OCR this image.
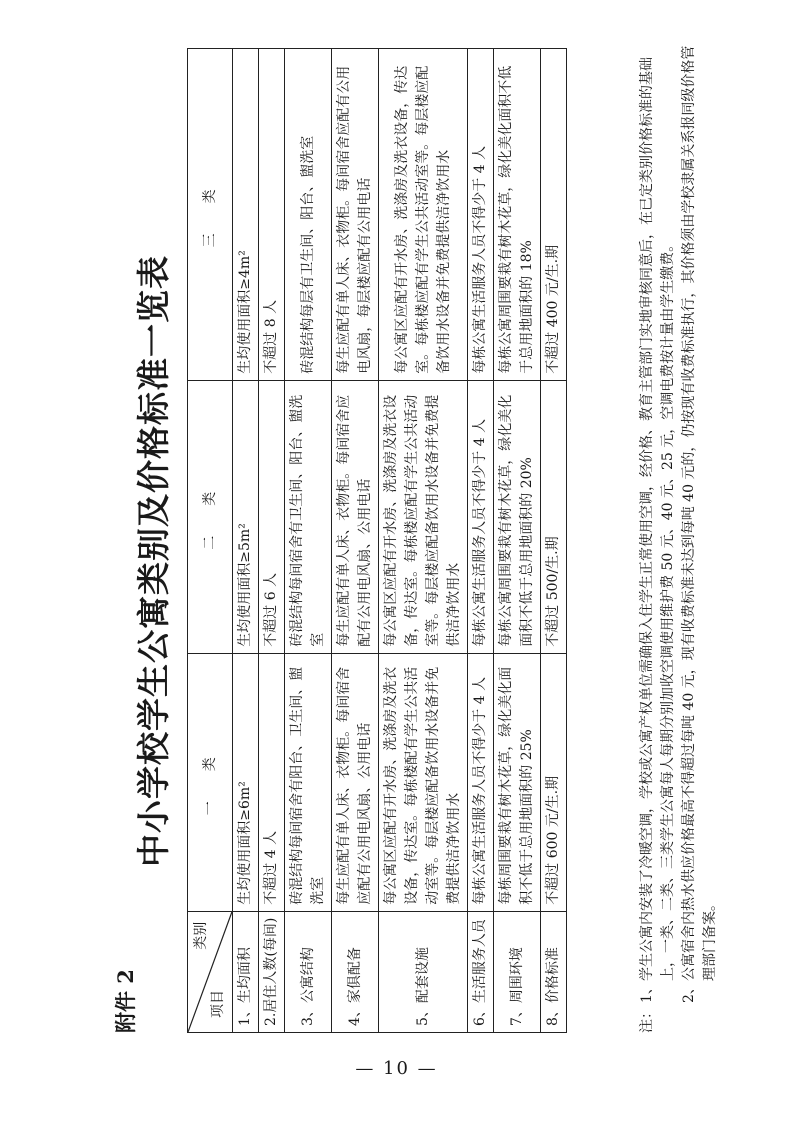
附件 2
中小学校学生公寓类别及价格标准一览表
类别
项目	一　类	二　类	三　类
1、生均面积	生均使用面积≥6m²	生均使用面积≥5m²	生均使用面积≥4m²
2.居住人数(每间)	不超过 4 人	不超过 6 人	不超过 8 人
3、公寓结构	砖混结构每间宿舍有阳台、卫生间、盥洗室	砖混结构每间宿舍有卫生间、阳台、盥洗室	砖混结构每层有卫生间、阳台、盥洗室
4、家俱配备	每生应配有单人床、衣物柜。每间宿舍应配有公用电风扇、公用电话	每生应配有单人床、衣物柜。每间宿舍应配有公用电风扇、公用电话	每生应配有单人床、衣物柜。每间宿舍应配有公用电风扇，每层楼应配有公用电话
5、配套设施	每公寓区应配有开水房、洗涤房及洗衣设备，传达室。每栋楼配有学生公共活动室等。每层楼应配备饮用水设备并免费提供洁净饮用水	每公寓区应配有开水房、洗涤房及洗衣设备，传达室。每栋楼应配有学生公共活动室等。每层楼应配备饮用水设备并免费提供洁净饮用水	每公寓区应配有开水房、洗涤房及洗衣设备，传达室。每栋楼应配有学生公共活动室等。每层楼应配备饮用水设备并免费提供洁净饮用水
6、生活服务人员	每栋公寓生活服务人员不得少于 4 人	每栋公寓生活服务人员不得少于 4 人	每栋公寓生活服务人员不得少于 4 人
7、周围环境	每栋周围要栽有树木花草，绿化美化面积不低于总用地面积的 25%	每栋公寓周围要栽有树木花草，绿化美化面积不低于总用地面积的 20%	每栋公寓周围要栽有树木花草，绿化美化面积不低于总用地面积的 18%
8、价格标准	不超过 600 元/生.期	不超过 500/生.期	不超过 400 元/生.期
注：
1、
学生公寓内安装了冷暖空调，学校或公寓产权单位需确保入住学生正常使用空调，经价格、教育主管部门实地审核同意后，在已定类别价格标准的基础上，一类、二类、三类学生公寓每人每期分别加收空调使用维护费 50 元、40 元、25 元，空调电费按计量由学生缴费。
2、
公寓宿舍内热水供应价格最高不得超过每吨 40 元，现有收费标准未达到每吨 40 元的，仍按现有收费标准执行，其价格须由学校隶属关系报同级价格管理部门备案。
— 10 —
